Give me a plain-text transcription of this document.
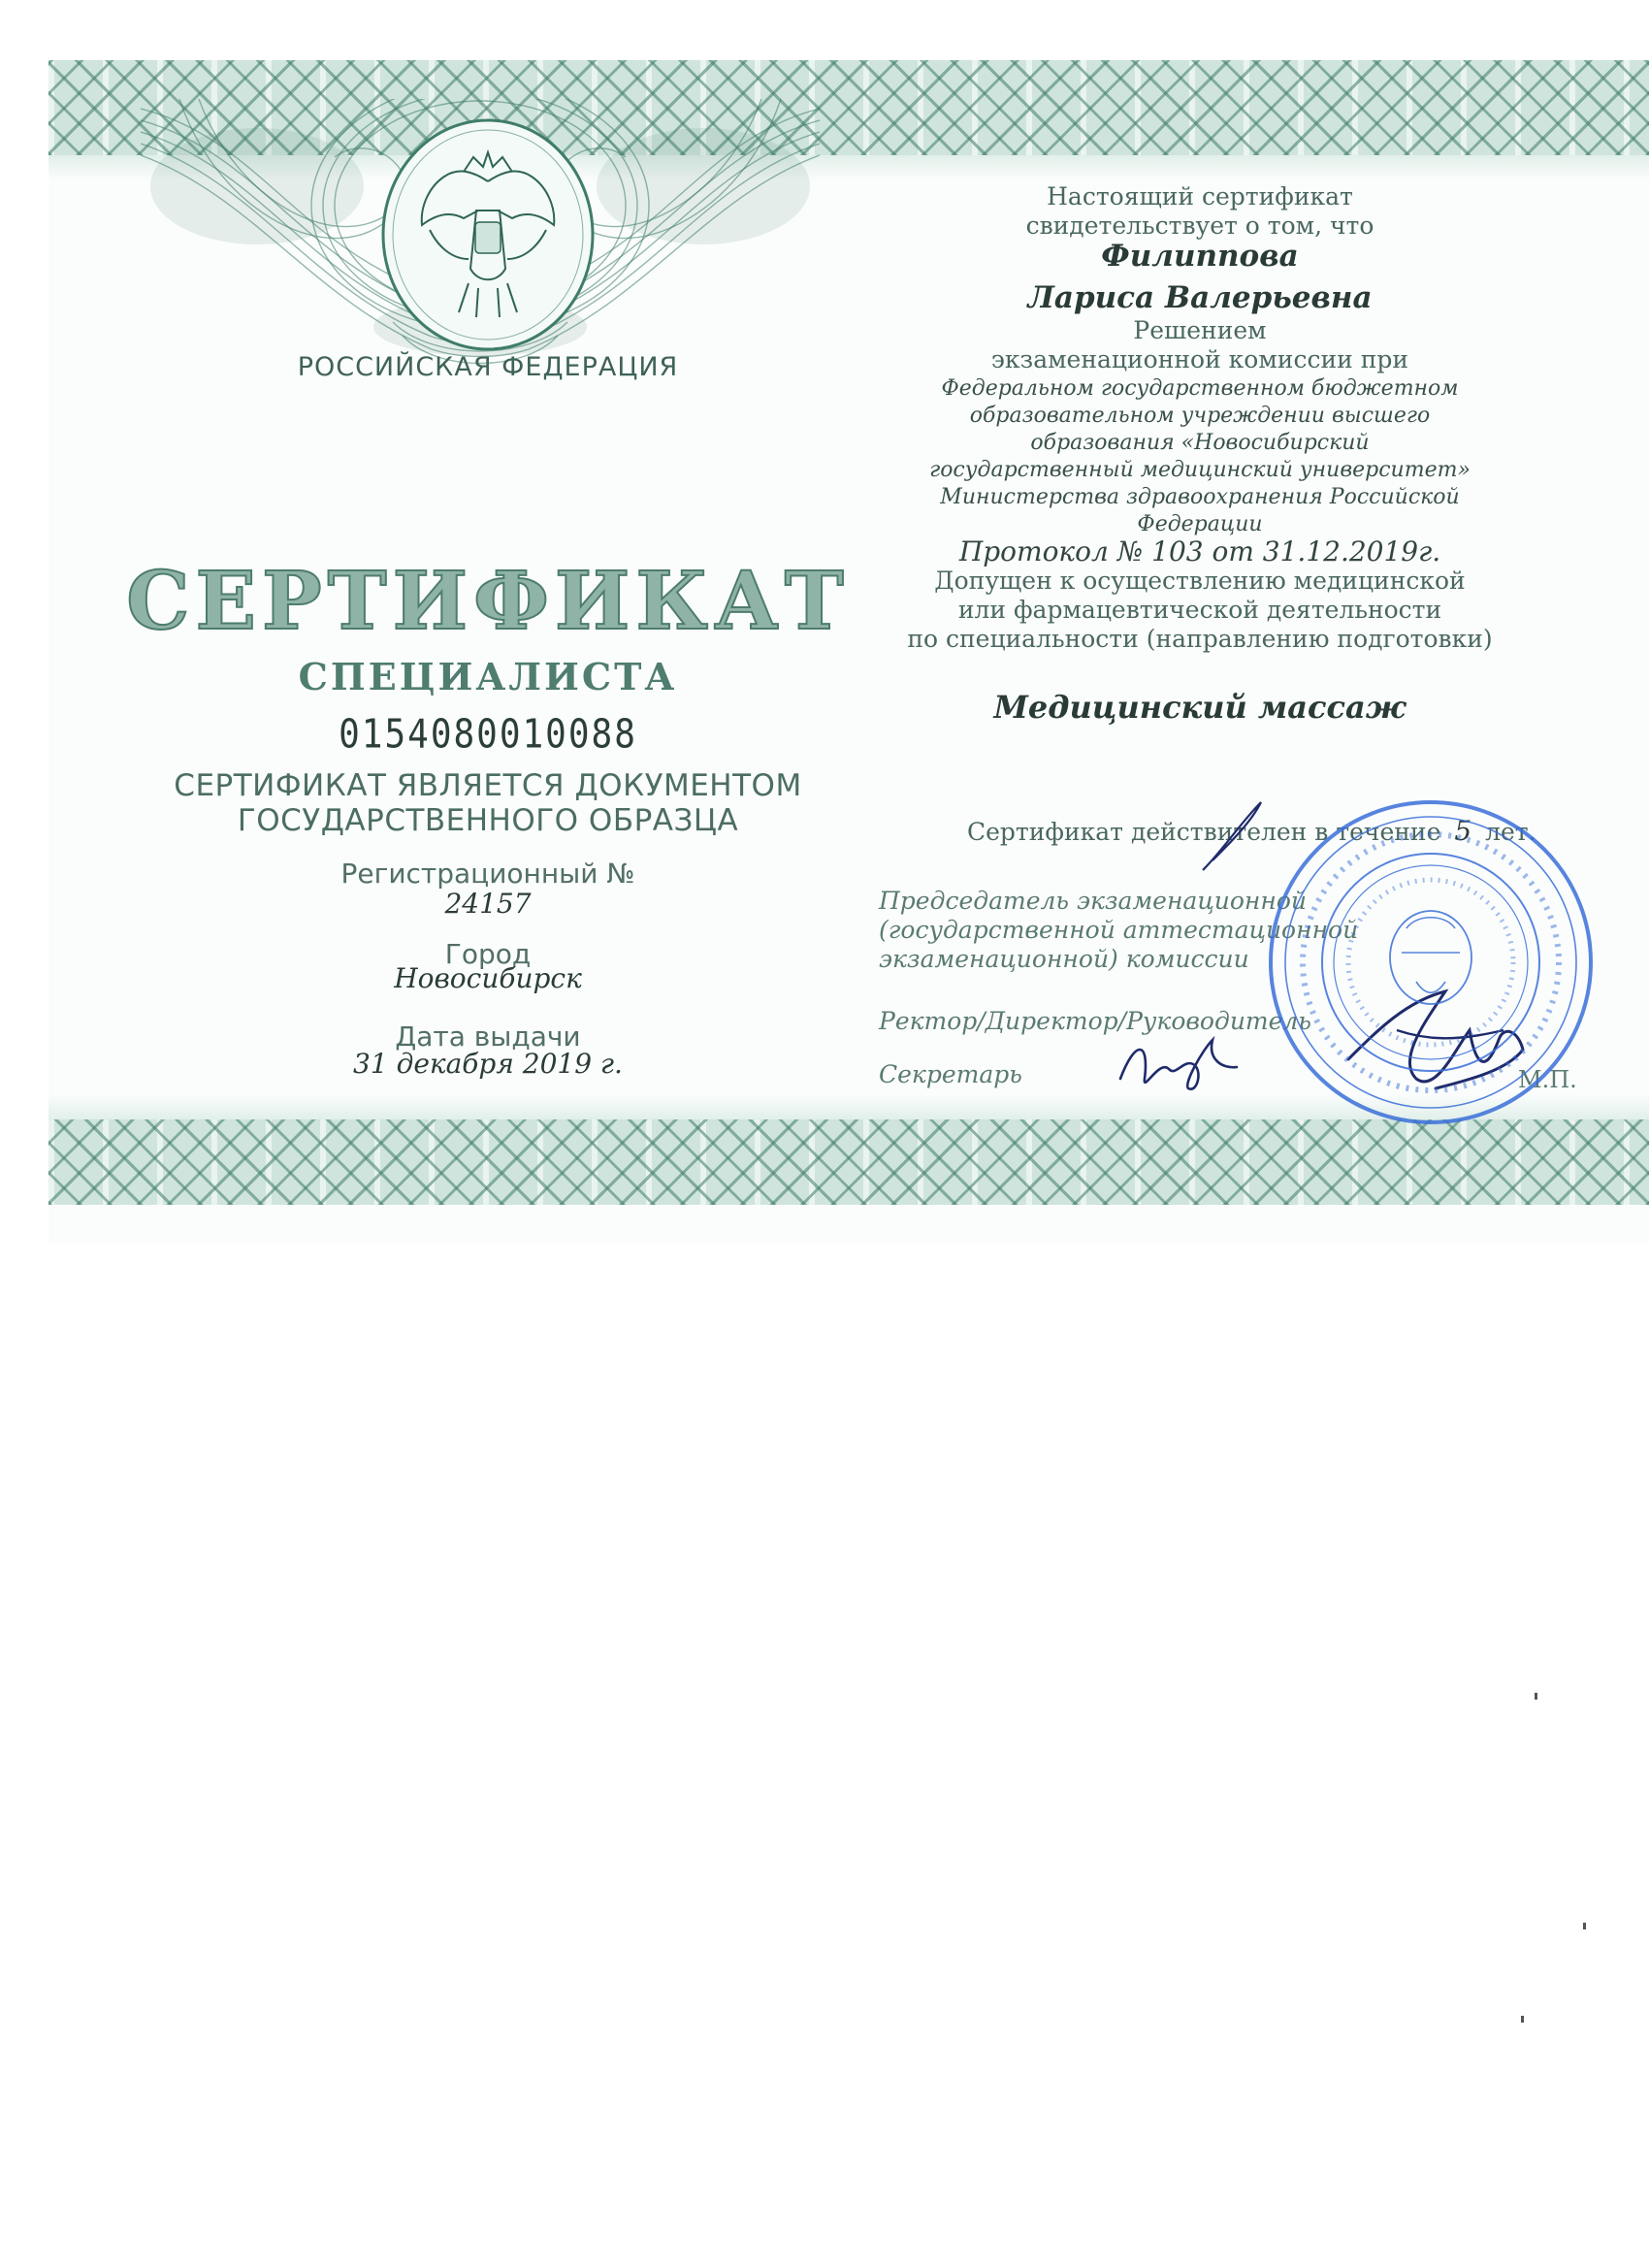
РОССИЙСКАЯ ФЕДЕРАЦИЯ
СЕРТИФИКАТ
СПЕЦИАЛИСТА
0154080010088
СЕРТИФИКАТ ЯВЛЯЕТСЯ ДОКУМЕНТОМ
ГОСУДАРСТВЕННОГО ОБРАЗЦА
Регистрационный №
24157
Город
Новосибирск
Дата выдачи
31 декабря 2019 г.
Настоящий сертификат
свидетельствует о том, что
Филиппова
Лариса Валерьевна
Решением
экзаменационной комиссии при
Федеральном государственном бюджетном
образовательном учреждении высшего
образования «Новосибирский
государственный медицинский университет»
Министерства здравоохранения Российской
Федерации
Протокол № 103 от 31.12.2019г.
Допущен к осуществлению медицинской
или фармацевтической деятельности
по специальности (направлению подготовки)
Медицинский массаж
Сертификат действителен в течение 5 лет.
Председатель экзаменационной
(государственной аттестационной
экзаменационной) комиссии
Ректор/Директор/Руководитель
Секретарь	М.П.
